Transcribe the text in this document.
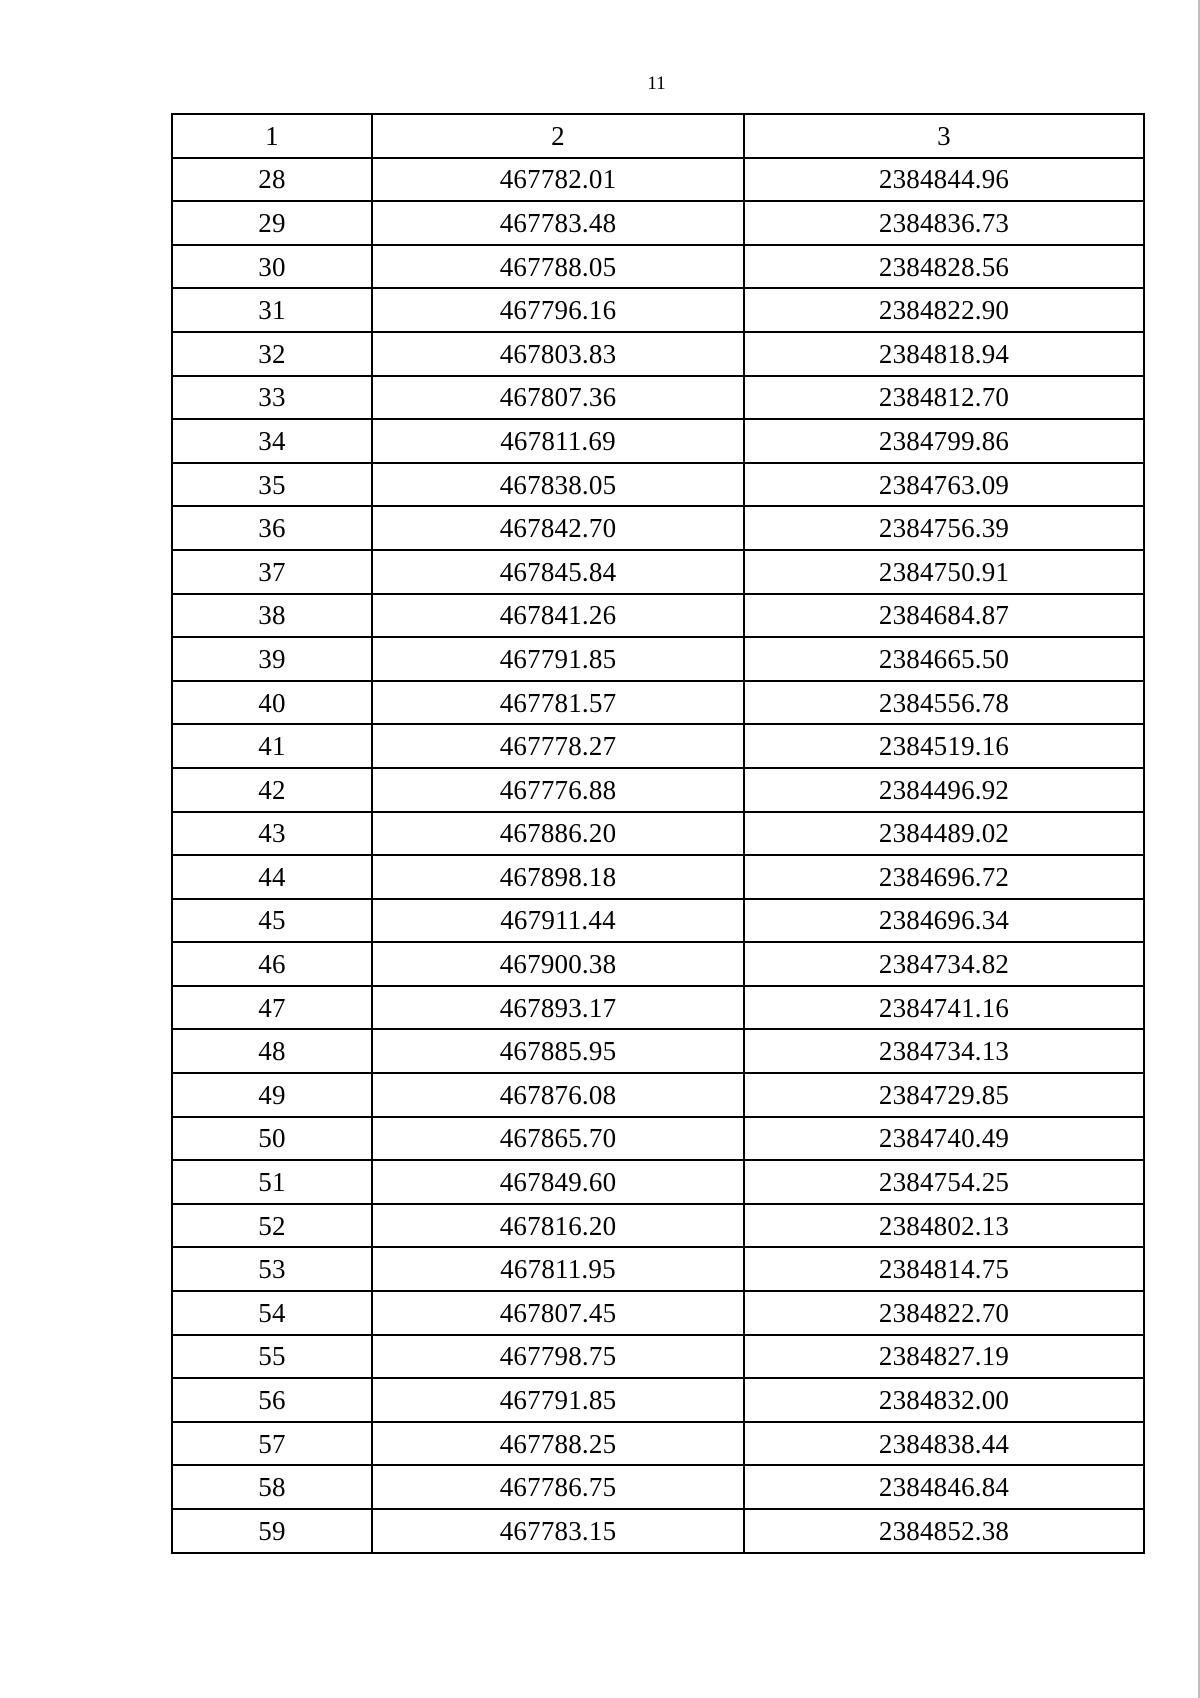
11
1	2	3
28	467782.01	2384844.96
29	467783.48	2384836.73
30	467788.05	2384828.56
31	467796.16	2384822.90
32	467803.83	2384818.94
33	467807.36	2384812.70
34	467811.69	2384799.86
35	467838.05	2384763.09
36	467842.70	2384756.39
37	467845.84	2384750.91
38	467841.26	2384684.87
39	467791.85	2384665.50
40	467781.57	2384556.78
41	467778.27	2384519.16
42	467776.88	2384496.92
43	467886.20	2384489.02
44	467898.18	2384696.72
45	467911.44	2384696.34
46	467900.38	2384734.82
47	467893.17	2384741.16
48	467885.95	2384734.13
49	467876.08	2384729.85
50	467865.70	2384740.49
51	467849.60	2384754.25
52	467816.20	2384802.13
53	467811.95	2384814.75
54	467807.45	2384822.70
55	467798.75	2384827.19
56	467791.85	2384832.00
57	467788.25	2384838.44
58	467786.75	2384846.84
59	467783.15	2384852.38
